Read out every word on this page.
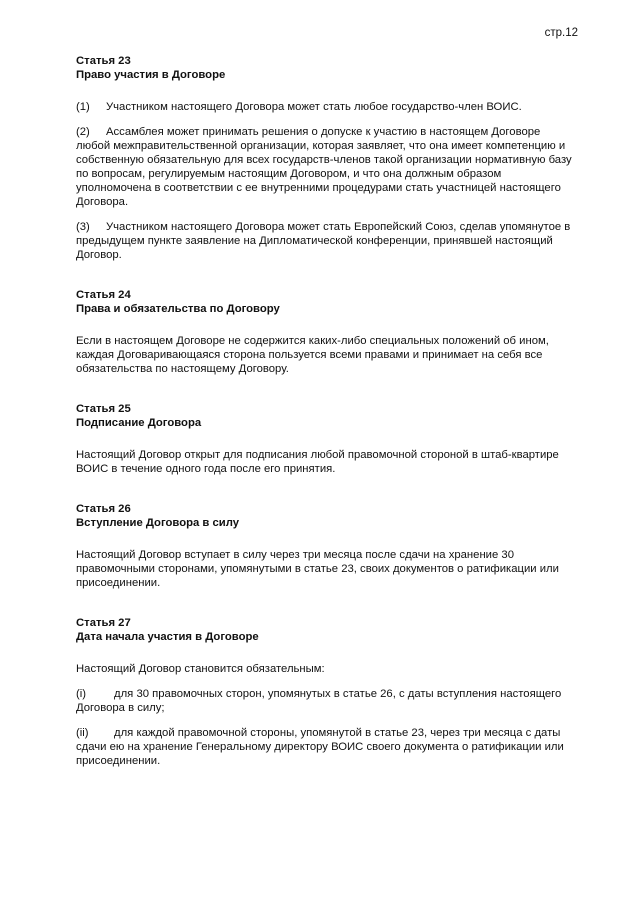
стр.12

Статья 23

Право участия в Договоре

(1) Участником настоящего Договора может стать любое государство-член ВОИС.

(2) Ассамблея может принимать решения о допуске к участию в настоящем Договоре любой межправительственной организации, которая заявляет, что она имеет компетенцию и собственную обязательную для всех государств-членов такой организации нормативную базу по вопросам, регулируемым настоящим Договором, и что она должным образом уполномочена в соответствии с ее внутренними процедурами стать участницей настоящего Договора.

(3) Участником настоящего Договора может стать Европейский Союз, сделав упомянутое в предыдущем пункте заявление на Дипломатической конференции, принявшей настоящий Договор.

Статья 24

Права и обязательства по Договору

Если в настоящем Договоре не содержится каких-либо специальных положений об ином, каждая Договаривающаяся сторона пользуется всеми правами и принимает на себя все обязательства по настоящему Договору.

Статья 25

Подписание Договора

Настоящий Договор открыт для подписания любой правомочной стороной в штаб-квартире ВОИС в течение одного года после его принятия.

Статья 26

Вступление Договора в силу

Настоящий Договор вступает в силу через три месяца после сдачи на хранение 30 правомочными сторонами, упомянутыми в статье 23, своих документов о ратификации или присоединении.

Статья 27

Дата начала участия в Договоре

Настоящий Договор становится обязательным:

(i) для 30 правомочных сторон, упомянутых в статье 26, с даты вступления настоящего Договора в силу;

(ii) для каждой правомочной стороны, упомянутой в статье 23, через три месяца с даты сдачи ею на хранение Генеральному директору ВОИС своего документа о ратификации или присоединении.
